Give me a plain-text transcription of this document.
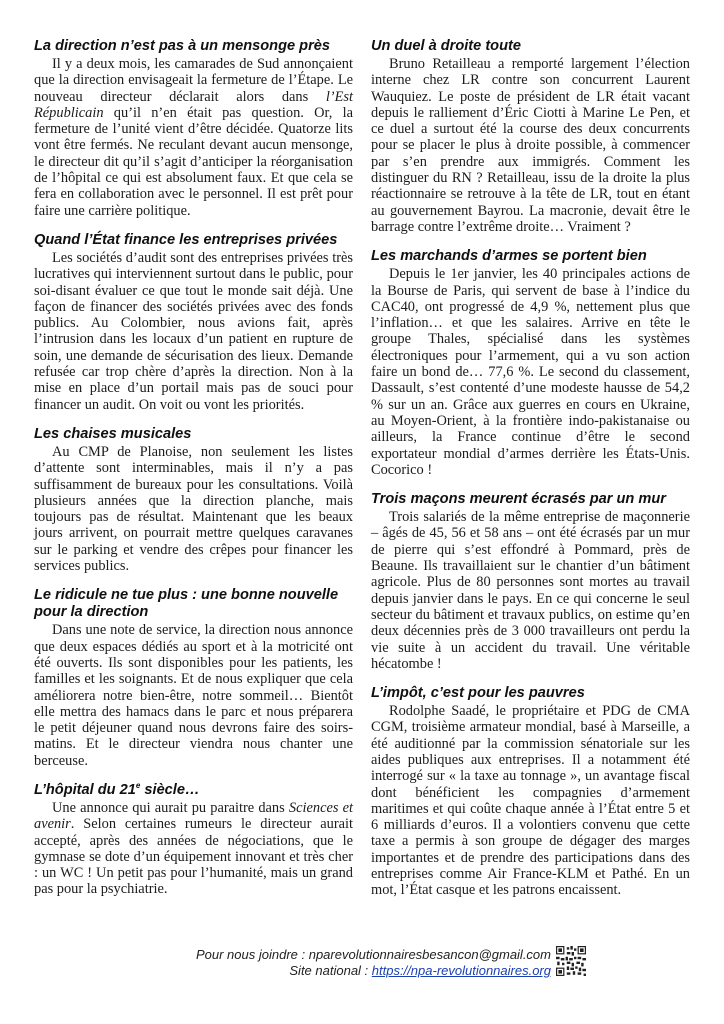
La direction n’est pas à un mensonge près

Il y a deux mois, les camarades de Sud annonçaient que la direction envisageait la fermeture de l’Étape. Le nouveau directeur déclarait alors dans l’Est Républicain qu’il n’en était pas question. Or, la fermeture de l’unité vient d’être décidée. Quatorze lits vont être fermés. Ne reculant devant aucun mensonge, le directeur dit qu’il s’agit d’anticiper la réorganisation de l’hôpital ce qui est absolument faux. Et que cela se fera en collaboration avec le personnel. Il est prêt pour faire une carrière politique.

Quand l’État finance les entreprises privées

Les sociétés d’audit sont des entreprises privées très lucratives qui interviennent surtout dans le public, pour soi-disant évaluer ce que tout le monde sait déjà. Une façon de financer des sociétés privées avec des fonds publics. Au Colombier, nous avions fait, après l’intrusion dans les locaux d’un patient en rupture de soin, une demande de sécurisation des lieux. Demande refusée car trop chère d’après la direction. Non à la mise en place d’un portail mais pas de souci pour financer un audit. On voit ou vont les priorités.

Les chaises musicales

Au CMP de Planoise, non seulement les listes d’attente sont interminables, mais il n’y a pas suffisamment de bureaux pour les consultations. Voilà plusieurs années que la direction planche, mais toujours pas de résultat. Maintenant que les beaux jours arrivent, on pourrait mettre quelques caravanes sur le parking et vendre des crêpes pour financer les services publics.

Le ridicule ne tue plus : une bonne nouvelle pour la direction

Dans une note de service, la direction nous annonce que deux espaces dédiés au sport et à la motricité ont été ouverts. Ils sont disponibles pour les patients, les familles et les soignants. Et de nous expliquer que cela améliorera notre bien-être, notre sommeil… Bientôt elle mettra des hamacs dans le parc et nous préparera le petit déjeuner quand nous devrons faire des soirs-matins. Et le directeur viendra nous chanter une berceuse.

L’hôpital du 21e siècle…

Une annonce qui aurait pu paraitre dans Sciences et avenir. Selon certaines rumeurs le directeur aurait accepté, après des années de négociations, que le gymnase se dote d’un équipement innovant et très cher : un WC ! Un petit pas pour l’humanité, mais un grand pas pour la psychiatrie.

Un duel à droite toute

Bruno Retailleau a remporté largement l’élection interne chez LR contre son concurrent Laurent Wauquiez. Le poste de président de LR était vacant depuis le ralliement d’Éric Ciotti à Marine Le Pen, et ce duel a surtout été la course des deux concurrents pour se placer le plus à droite possible, à commencer par s’en prendre aux immigrés. Comment les distinguer du RN ? Retailleau, issu de la droite la plus réactionnaire se retrouve à la tête de LR, tout en étant au gouvernement Bayrou. La macronie, devait être le barrage contre l’extrême droite… Vraiment ?

Les marchands d’armes se portent bien

Depuis le 1er janvier, les 40 principales actions de la Bourse de Paris, qui servent de base à l’indice du CAC40, ont progressé de 4,9 %, nettement plus que l’inflation… et que les salaires. Arrive en tête le groupe Thales, spécialisé dans les systèmes électroniques pour l’armement, qui a vu son action faire un bond de… 77,6 %. Le second du classement, Dassault, s’est contenté d’une modeste hausse de 54,2 % sur un an. Grâce aux guerres en cours en Ukraine, au Moyen-Orient, à la frontière indo-pakistanaise ou ailleurs, la France continue d’être le second exportateur mondial d’armes derrière les États-Unis. Cocorico !

Trois maçons meurent écrasés par un mur

Trois salariés de la même entreprise de maçonnerie – âgés de 45, 56 et 58 ans – ont été écrasés par un mur de pierre qui s’est effondré à Pommard, près de Beaune. Ils travaillaient sur le chantier d’un bâtiment agricole. Plus de 80 personnes sont mortes au travail depuis janvier dans le pays. En ce qui concerne le seul secteur du bâtiment et travaux publics, on estime qu’en deux décennies près de 3 000 travailleurs ont perdu la vie suite à un accident du travail. Une véritable hécatombe !

L’impôt, c’est pour les pauvres

Rodolphe Saadé, le propriétaire et PDG de CMA CGM, troisième armateur mondial, basé à Marseille, a été auditionné par la commission sénatoriale sur les aides publiques aux entreprises. Il a notamment été interrogé sur « la taxe au tonnage », un avantage fiscal dont bénéficient les compagnies d’armement maritimes et qui coûte chaque année à l’État entre 5 et 6 milliards d’euros. Il a volontiers convenu que cette taxe a permis à son groupe de dégager des marges importantes et de prendre des participations dans des entreprises comme Air France-KLM et Pathé. En un mot, l’État casque et les patrons encaissent.

Pour nous joindre : nparevolutionnairesbesancon@gmail.com
Site national : https://npa-revolutionnaires.org
